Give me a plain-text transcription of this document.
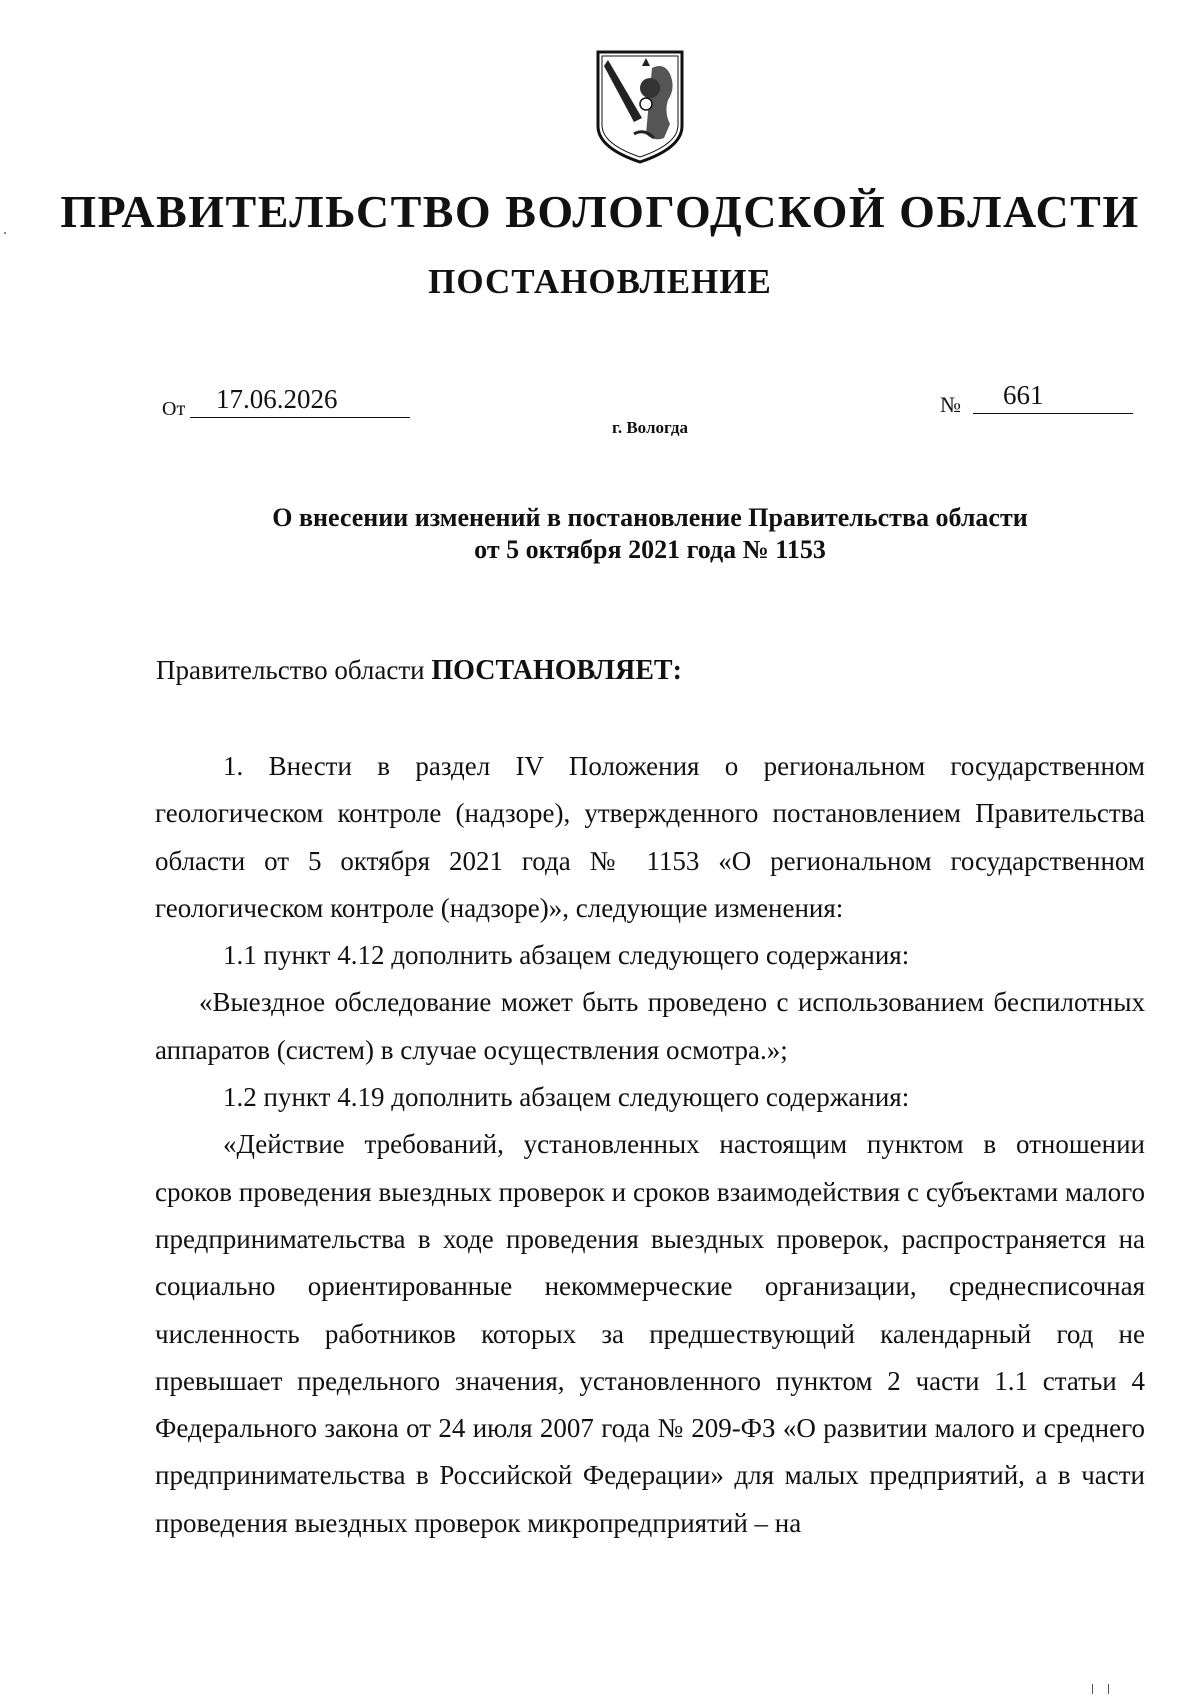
ПРАВИТЕЛЬСТВО ВОЛОГОДСКОЙ ОБЛАСТИ
ПОСТАНОВЛЕНИЕ
От	17.06.2026	№	661
г. Вологда
О внесении изменений в постановление Правительства области
от 5 октября 2021 года № 1153
Правительство области ПОСТАНОВЛЯЕТ:

1. Внести в раздел IV Положения о региональном государственном геологическом контроле (надзоре), утвержденного постановлением Правительства области от 5 октября 2021 года № 1153 «О региональном государственном геологическом контроле (надзоре)», следующие изменения:

1.1 пункт 4.12 дополнить абзацем следующего содержания:

«Выездное обследование может быть проведено с использованием беспилотных аппаратов (систем) в случае осуществления осмотра.»;

1.2 пункт 4.19 дополнить абзацем следующего содержания:

«Действие требований, установленных настоящим пунктом в отношении сроков проведения выездных проверок и сроков взаимодействия с субъектами малого предпринимательства в ходе проведения выездных проверок, распространяется на социально ориентированные некоммерческие организации, среднесписочная численность работников которых за предшествующий календарный год не превышает предельного значения, установленного пунктом 2 части 1.1 статьи 4 Федерального закона от 24 июля 2007 года № 209-ФЗ «О развитии малого и среднего предпринимательства в Российской Федерации» для малых предприятий, а в части проведения выездных проверок микропредприятий – на
